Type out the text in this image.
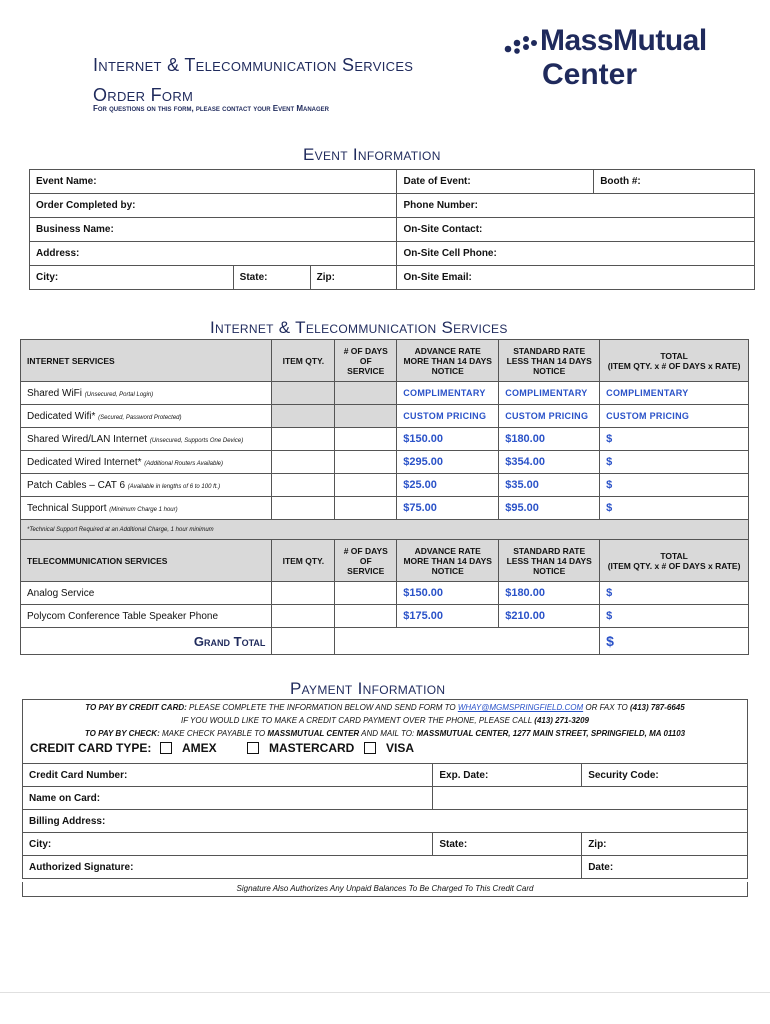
Internet & Telecommunication Services
Order Form
For questions on this form, please contact your Event Manager
MassMutual
Center
Event Information
Event Name:			Date of Event:	Booth #:
Order Completed by:			Phone Number:	
Business Name:			On-Site Contact:	
Address:			On-Site Cell Phone:	
City:	State:	Zip:	On-Site Email:	
Internet & Telecommunication Services
INTERNET SERVICES	ITEM QTY.	# OF DAYS OF SERVICE	ADVANCE RATE MORE THAN 14 DAYS NOTICE	STANDARD RATE LESS THAN 14 DAYS NOTICE	TOTAL
(ITEM QTY. x # OF DAYS x RATE)

Shared WiFi (Unsecured, Portal Login)			COMPLIMENTARY	COMPLIMENTARY	COMPLIMENTARY
Dedicated Wifi* (Secured, Password Protected)			CUSTOM PRICING	CUSTOM PRICING	CUSTOM PRICING
Shared Wired/LAN Internet (Unsecured, Supports One Device)			$150.00	$180.00	$
Dedicated Wired Internet* (Additional Routers Available)			$295.00	$354.00	$
Patch Cables – CAT 6 (Available in lengths of 6 to 100 ft.)			$25.00	$35.00	$
Technical Support (Minimum Charge 1 hour)			$75.00	$95.00	$
*Technical Support Required at an Additional Charge, 1 hour minimum					
TELECOMMUNICATION SERVICES	ITEM QTY.	# OF DAYS OF SERVICE	ADVANCE RATE MORE THAN 14 DAYS NOTICE	STANDARD RATE LESS THAN 14 DAYS NOTICE	TOTAL
(ITEM QTY. x # OF DAYS x RATE)

Analog Service			$150.00	$180.00	$
Polycom Conference Table Speaker Phone			$175.00	$210.00	$
Grand Total					$
Payment Information
TO PAY BY CREDIT CARD: PLEASE COMPLETE THE INFORMATION BELOW AND SEND FORM TO WHAY@MGMSPRINGFIELD.COM OR FAX TO (413) 787-6645
IF YOU WOULD LIKE TO MAKE A CREDIT CARD PAYMENT OVER THE PHONE, PLEASE CALL (413) 271-3209
TO PAY BY CHECK: MAKE CHECK PAYABLE TO MASSMUTUAL CENTER AND MAIL TO: MASSMUTUAL CENTER, 1277 MAIN STREET, SPRINGFIELD, MA 01103
CREDIT CARD TYPE:	AMEX	MASTERCARD	VISA
Credit Card Number:	Exp. Date:	Security Code:
Name on Card:		
Billing Address:		
City:	State:	Zip:
Authorized Signature:		Date:
Signature Also Authorizes Any Unpaid Balances To Be Charged To This Credit Card
